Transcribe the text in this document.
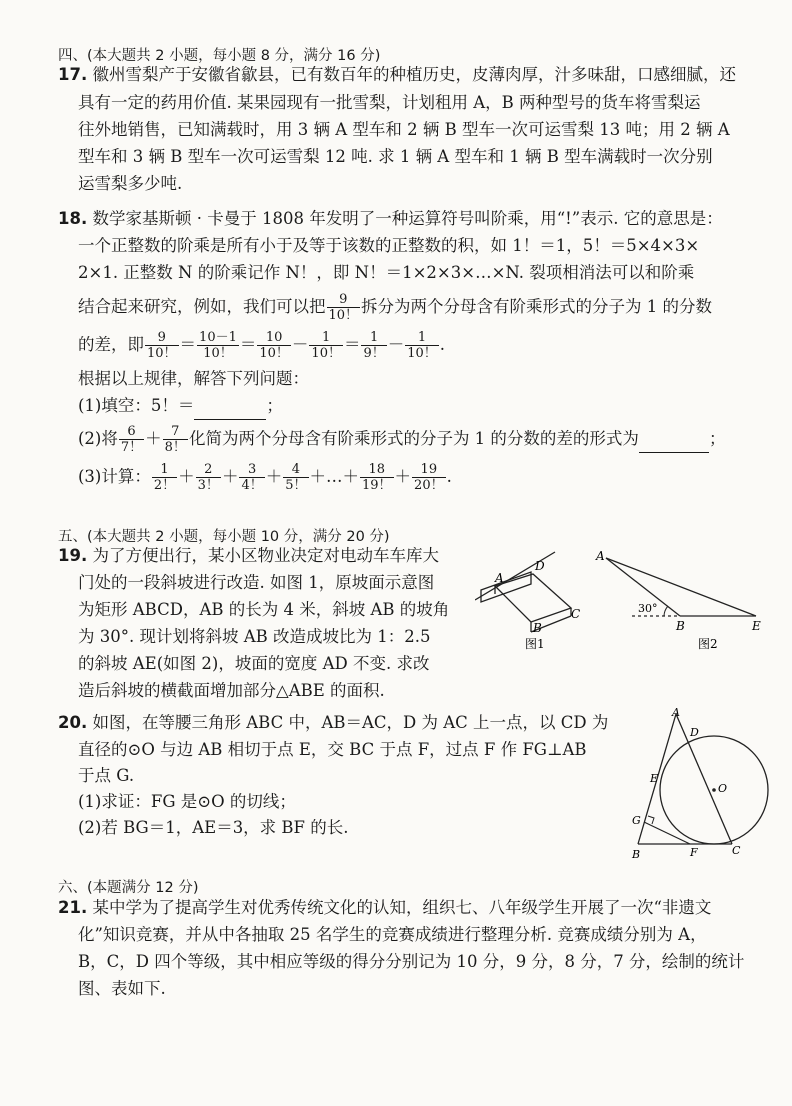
四、(本大题共 2 小题，每小题 8 分，满分 16 分)
17. 徽州雪梨产于安徽省歙县，已有数百年的种植历史，皮薄肉厚，汁多味甜，口感细腻，还
具有一定的药用价值. 某果园现有一批雪梨，计划租用 A，B 两种型号的货车将雪梨运
往外地销售，已知满载时，用 3 辆 A 型车和 2 辆 B 型车一次可运雪梨 13 吨；用 2 辆 A
型车和 3 辆 B 型车一次可运雪梨 12 吨. 求 1 辆 A 型车和 1 辆 B 型车满载时一次分别
运雪梨多少吨.
18. 数学家基斯顿 · 卡曼于 1808 年发明了一种运算符号叫阶乘，用“!”表示. 它的意思是：
一个正整数的阶乘是所有小于及等于该数的正整数的积，如 1！＝1，5！＝5×4×3×
2×1. 正整数 N 的阶乘记作 N！，即 N！＝1×2×3×…×N. 裂项相消法可以和阶乘
结合起来研究，例如，我们可以把 $\frac{9}{10!}$ 拆分为两个分母含有阶乘形式的分子为 1 的分数
的差，即 $\frac{9}{10!} = \frac{10-1}{10!} = \frac{10}{10!} - \frac{1}{10!} = \frac{1}{9!} - \frac{1}{10!}$ .
根据以上规律，解答下列问题：
(1)填空：5！＝	；
(2)将 $\frac{6}{7!} + \frac{7}{8!}$ 化简为两个分母含有阶乘形式的分子为 1 的分数的差的形式为	；
(3)计算： $\frac{1}{2!} + \frac{2}{3!} + \frac{3}{4!} + \frac{4}{5!}$ ＋…＋ $\frac{18}{19!} + \frac{19}{20!}$ .
五、(本大题共 2 小题，每小题 10 分，满分 20 分)
19. 为了方便出行，某小区物业决定对电动车车库大
门处的一段斜坡进行改造. 如图 1，原坡面示意图
为矩形 ABCD，AB 的长为 4 米，斜坡 AB 的坡角
为 30°. 现计划将斜坡 AB 改造成坡比为 1：2.5
的斜坡 AE(如图 2)，坡面的宽度 AD 不变. 求改
造后斜坡的横截面增加部分△ABE 的面积.
A
D
B
C
图1
A
30°
B	E
图2
20. 如图，在等腰三角形 ABC 中，AB＝AC，D 为 AC 上一点，以 CD 为
直径的⊙O 与边 AB 相切于点 E，交 BC 于点 F，过点 F 作 FG⊥AB
于点 G.
(1)求证：FG 是⊙O 的切线；
(2)若 BG＝1，AE＝3，求 BF 的长.
A
D
E
O
G
B	F	C
六、(本题满分 12 分)
21. 某中学为了提高学生对优秀传统文化的认知，组织七、八年级学生开展了一次“非遗文
化”知识竞赛，并从中各抽取 25 名学生的竞赛成绩进行整理分析. 竞赛成绩分别为 A，
B，C，D 四个等级，其中相应等级的得分分别记为 10 分，9 分，8 分，7 分，绘制的统计
图、表如下.
